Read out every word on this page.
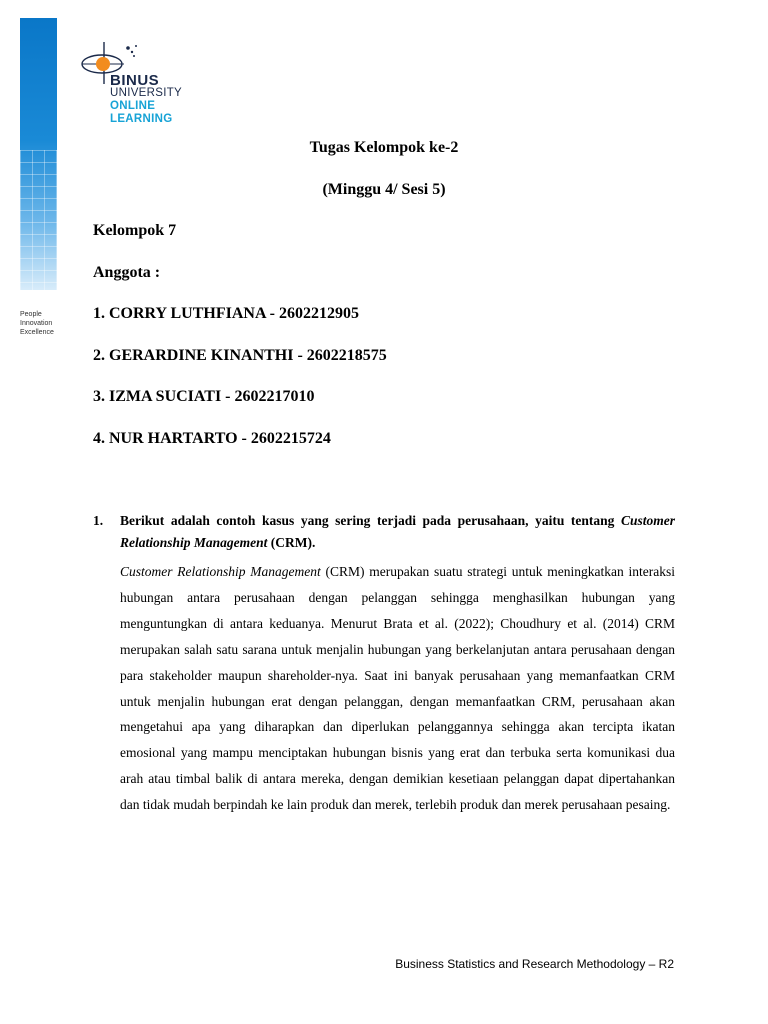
People
Innovation
Excellence
BINUS
UNIVERSITY
ONLINE
LEARNING
Tugas Kelompok ke-2
(Minggu 4/ Sesi 5)
Kelompok 7
Anggota :
1. CORRY LUTHFIANA - 2602212905
2. GERARDINE KINANTHI - 2602218575
3. IZMA SUCIATI - 2602217010
4. NUR HARTARTO - 2602215724
1. Berikut adalah contoh kasus yang sering terjadi pada perusahaan, yaitu tentang Customer Relationship Management (CRM).
Customer Relationship Management (CRM) merupakan suatu strategi untuk meningkatkan interaksi hubungan antara perusahaan dengan pelanggan sehingga menghasilkan hubungan yang menguntungkan di antara keduanya. Menurut Brata et al. (2022); Choudhury et al. (2014) CRM merupakan salah satu sarana untuk menjalin hubungan yang berkelanjutan antara perusahaan dengan para stakeholder maupun shareholder-nya. Saat ini banyak perusahaan yang memanfaatkan CRM untuk menjalin hubungan erat dengan pelanggan, dengan memanfaatkan CRM, perusahaan akan mengetahui apa yang diharapkan dan diperlukan pelanggannya sehingga akan tercipta ikatan emosional yang mampu menciptakan hubungan bisnis yang erat dan terbuka serta komunikasi dua arah atau timbal balik di antara mereka, dengan demikian kesetiaan pelanggan dapat dipertahankan dan tidak mudah berpindah ke lain produk dan merek, terlebih produk dan merek perusahaan pesaing.
Business Statistics and Research Methodology – R2
